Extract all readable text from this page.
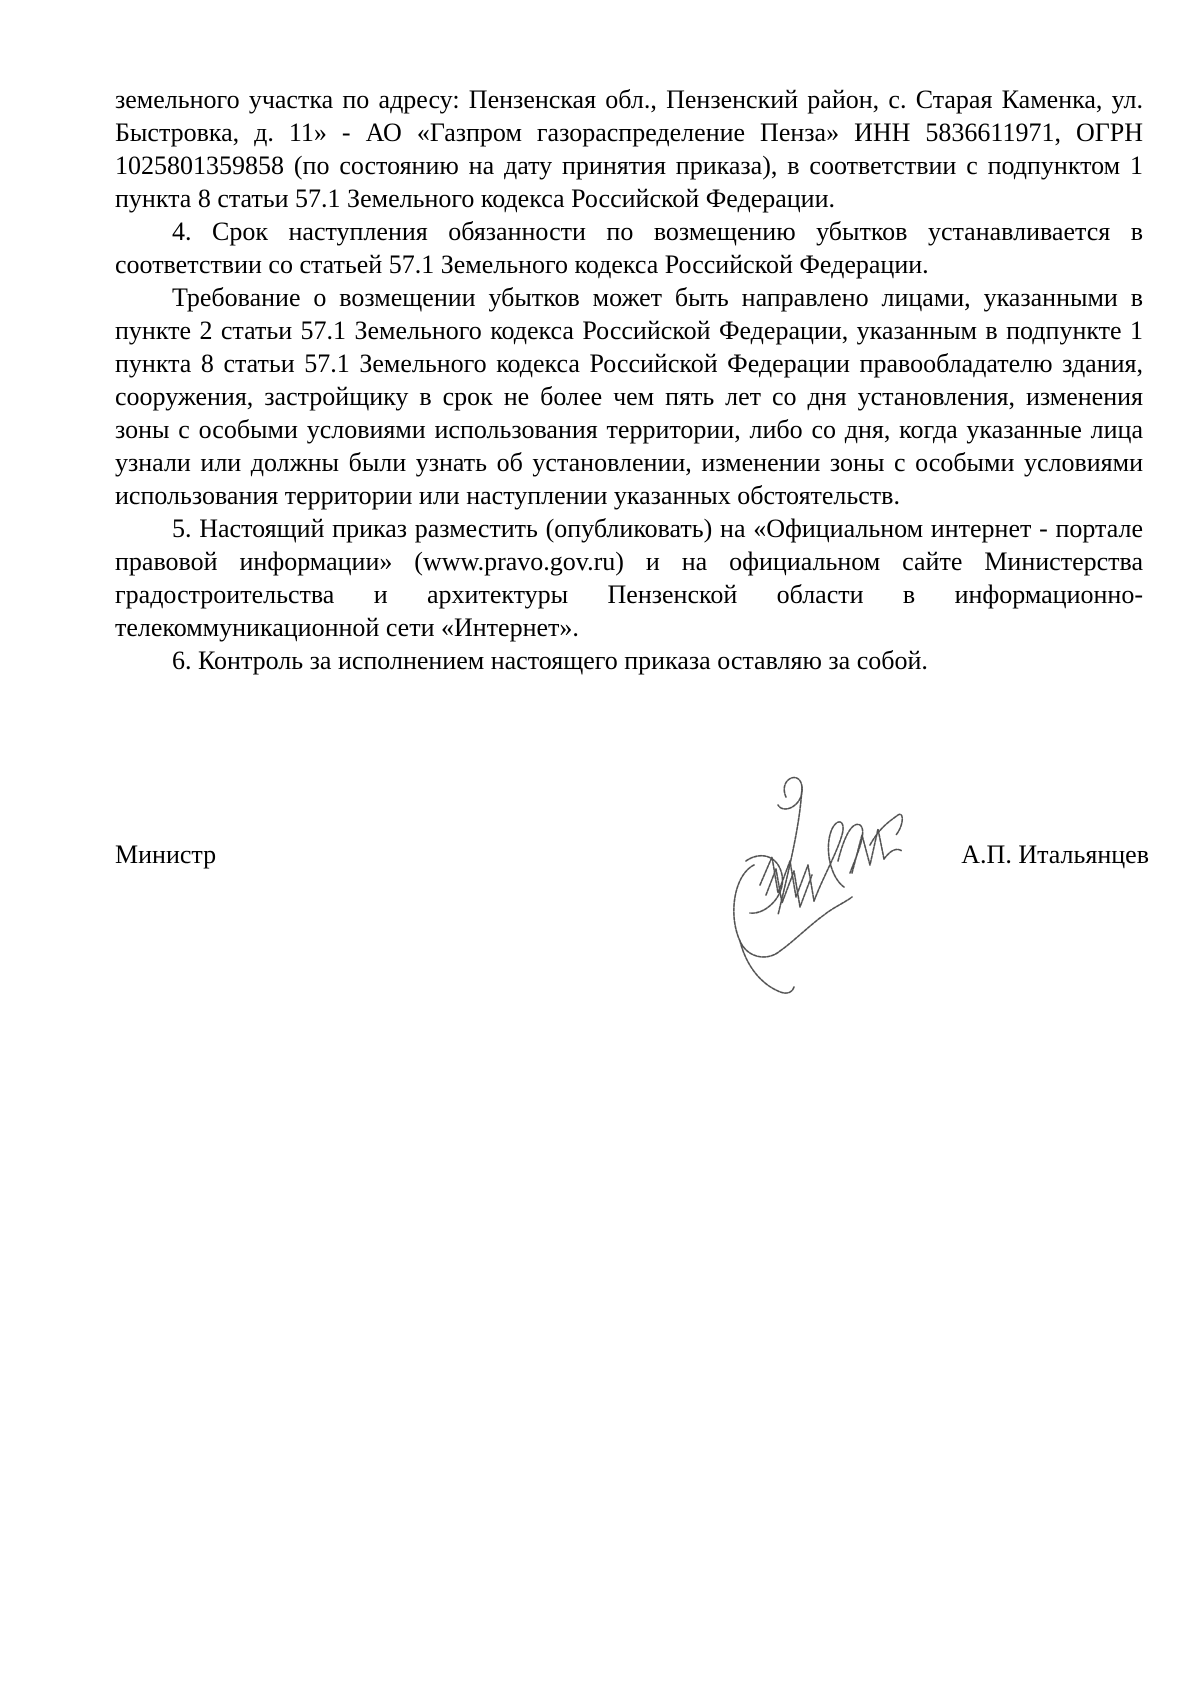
земельного участка по адресу: Пензенская обл., Пензенский район, с. Старая Каменка, ул. Быстровка, д. 11» - АО «Газпром газораспределение Пенза» ИНН 5836611971, ОГРН 1025801359858 (по состоянию на дату принятия приказа), в соответствии с подпунктом 1 пункта 8 статьи 57.1 Земельного кодекса Российской Федерации.

4. Срок наступления обязанности по возмещению убытков устанавливается в соответствии со статьей 57.1 Земельного кодекса Российской Федерации.

Требование о возмещении убытков может быть направлено лицами, указанными в пункте 2 статьи 57.1 Земельного кодекса Российской Федерации, указанным в подпункте 1 пункта 8 статьи 57.1 Земельного кодекса Российской Федерации правообладателю здания, сооружения, застройщику в срок не более чем пять лет со дня установления, изменения зоны с особыми условиями использования территории, либо со дня, когда указанные лица узнали или должны были узнать об установлении, изменении зоны с особыми условиями использования территории или наступлении указанных обстоятельств.

5. Настоящий приказ разместить (опубликовать) на «Официальном интернет - портале правовой информации» (www.pravo.gov.ru) и на официальном сайте Министерства градостроительства и архитектуры Пензенской области в информационно-телекоммуникационной сети «Интернет».

6. Контроль за исполнением настоящего приказа оставляю за собой.

Министр	А.П. Итальянцев
